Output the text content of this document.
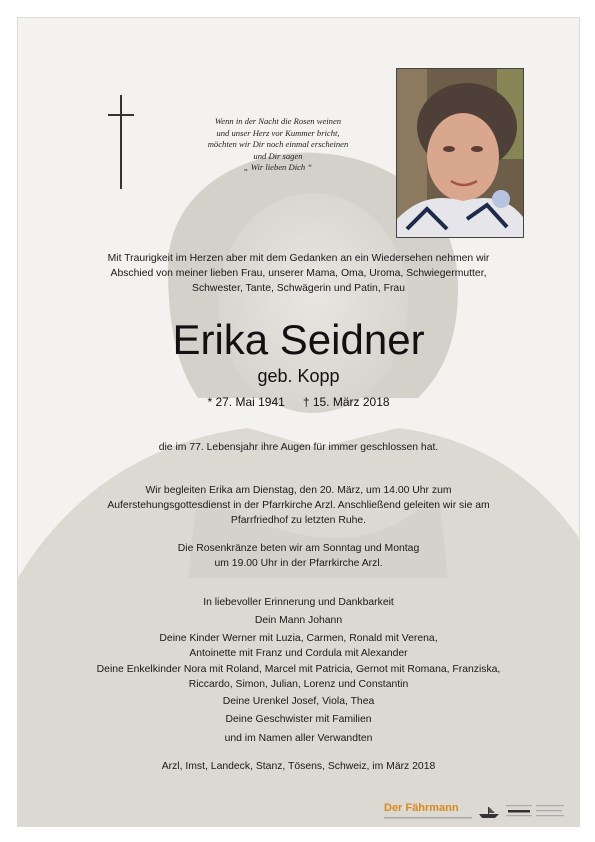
Wenn in der Nacht die Rosen weinen
und unser Herz vor Kummer bricht,
möchten wir Dir noch einmal erscheinen
und Dir sagen
„ Wir lieben Dich “
Mit Traurigkeit im Herzen aber mit dem Gedanken an ein Wiedersehen nehmen wir
Abschied von meiner lieben Frau, unserer Mama, Oma, Uroma, Schwiegermutter,
Schwester, Tante, Schwägerin und Patin, Frau
Erika Seidner
geb. Kopp
* 27. Mai 1941 † 15. März 2018
die im 77. Lebensjahr ihre Augen für immer geschlossen hat.
Wir begleiten Erika am Dienstag, den 20. März, um 14.00 Uhr zum
Auferstehungsgottesdienst in der Pfarrkirche Arzl. Anschließend geleiten wir sie am
Pfarrfriedhof zu letzten Ruhe.
Die Rosenkränze beten wir am Sonntag und Montag
um 19.00 Uhr in der Pfarrkirche Arzl.
In liebevoller Erinnerung und Dankbarkeit
Dein Mann Johann
Deine Kinder Werner mit Luzia, Carmen, Ronald mit Verena,
Antoinette mit Franz und Cordula mit Alexander
Deine Enkelkinder Nora mit Roland, Marcel mit Patricia, Gernot mit Romana, Franziska,
Riccardo, Simon, Julian, Lorenz und Constantin
Deine Urenkel Josef, Viola, Thea
Deine Geschwister mit Familien
und im Namen aller Verwandten
Arzl, Imst, Landeck, Stanz, Tösens, Schweiz, im März 2018
Der Fährmann
